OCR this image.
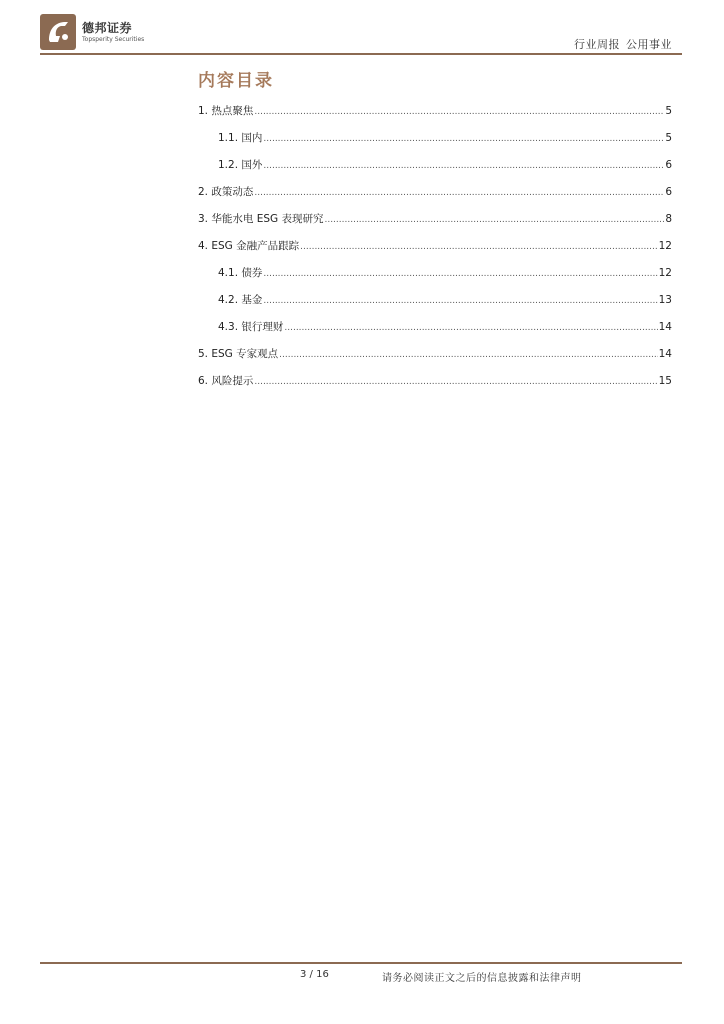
德邦证券
Topsperity Securities	行业周报 公用事业
内容目录
1. 热点聚焦 .....	5
1.1. 国内 .....	5
1.2. 国外 .....	6
2. 政策动态 .....	6
3. 华能水电 ESG 表现研究 .....	8
4. ESG 金融产品跟踪 .....	12
4.1. 债券 .....	12
4.2. 基金 .....	13
4.3. 银行理财 .....	14
5. ESG 专家观点 .....	14
6. 风险提示 .....	15
3 / 16	请务必阅读正文之后的信息披露和法律声明
